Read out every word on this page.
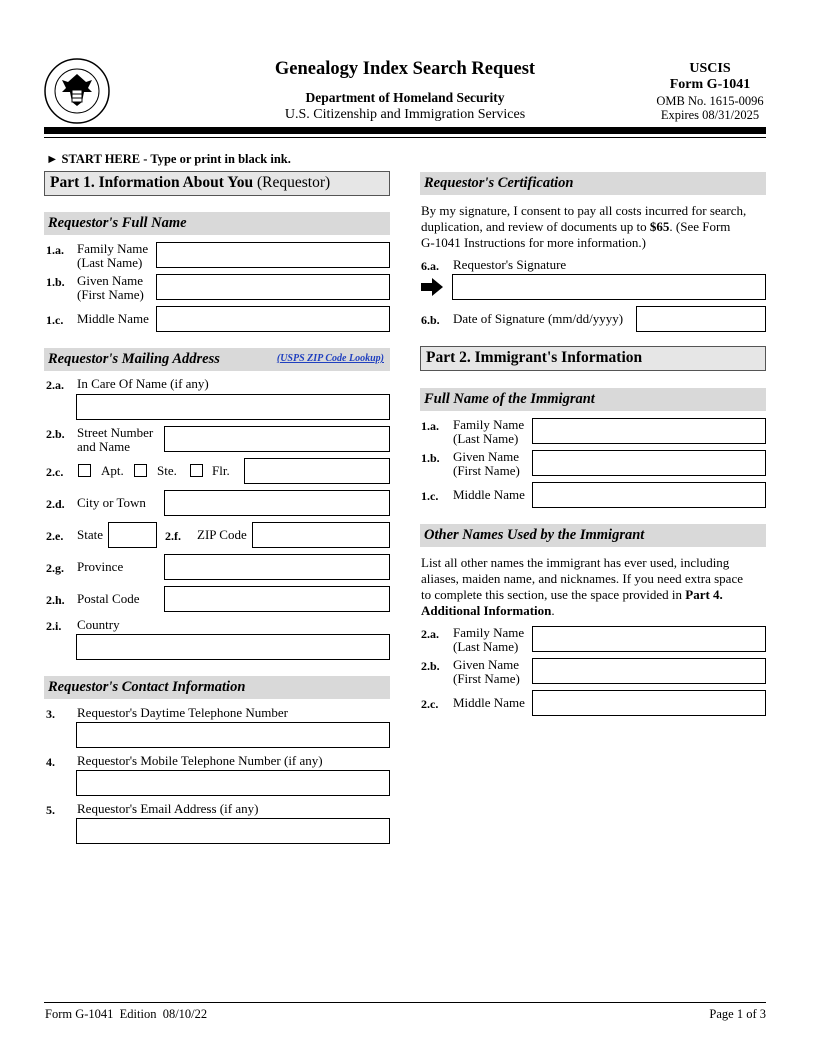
Genealogy Index Search Request
Department of Homeland Security
U.S. Citizenship and Immigration Services
USCIS
Form G-1041
OMB No. 1615-0096
Expires 08/31/2025
► START HERE - Type or print in black ink.
Part 1. Information About You (Requestor)
Requestor's Full Name
1.a. Family Name
(Last Name)
1.b. Given Name
(First Name)
1.c. Middle Name
Requestor's Mailing Address	(USPS ZIP Code Lookup)
2.a. In Care Of Name (if any)
2.b. Street Number
and Name
2.c.	Apt.	Ste.	Flr.
2.d. City or Town
2.e. State	2.f. ZIP Code
2.g. Province
2.h. Postal Code
2.i. Country
Requestor's Contact Information
3. Requestor's Daytime Telephone Number
4. Requestor's Mobile Telephone Number (if any)
5. Requestor's Email Address (if any)
Requestor's Certification
By my signature, I consent to pay all costs incurred for search,
duplication, and review of documents up to $65. (See Form
G-1041 Instructions for more information.)
6.a. Requestor's Signature
6.b. Date of Signature (mm/dd/yyyy)
Part 2. Immigrant's Information
Full Name of the Immigrant
1.a. Family Name
(Last Name)
1.b. Given Name
(First Name)
1.c. Middle Name
Other Names Used by the Immigrant
List all other names the immigrant has ever used, including
aliases, maiden name, and nicknames. If you need extra space
to complete this section, use the space provided in Part 4.
Additional Information.
2.a. Family Name
(Last Name)
2.b. Given Name
(First Name)
2.c. Middle Name
Form G-1041  Edition  08/10/22	Page 1 of 3
